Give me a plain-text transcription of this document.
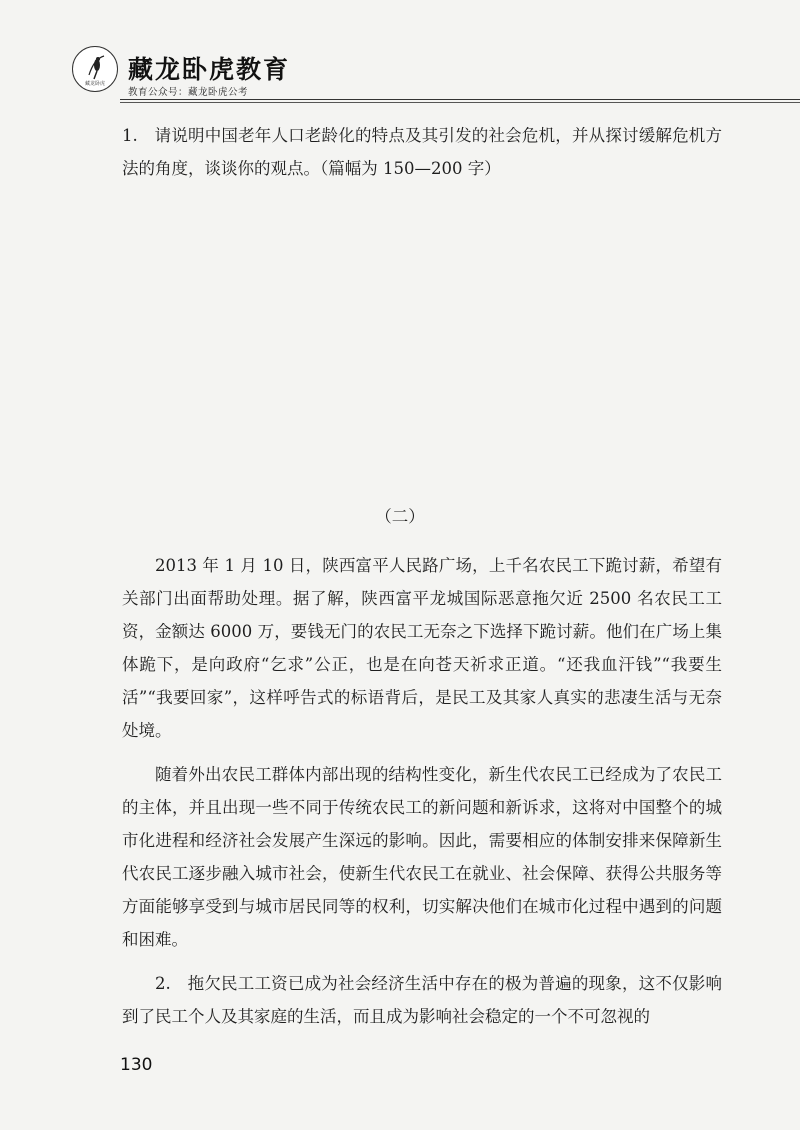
藏龙卧虎 藏龙卧虎教育
教育公众号：藏龙卧虎公考

1.　请说明中国老年人口老龄化的特点及其引发的社会危机，并从探讨缓解危机方法的角度，谈谈你的观点。（篇幅为 150—200 字）

（二）

2013 年 1 月 10 日，陕西富平人民路广场，上千名农民工下跪讨薪，希望有关部门出面帮助处理。据了解，陕西富平龙城国际恶意拖欠近 2500 名农民工工资，金额达 6000 万，要钱无门的农民工无奈之下选择下跪讨薪。他们在广场上集体跪下，是向政府“乞求”公正，也是在向苍天祈求正道。“还我血汗钱”“我要生活”“我要回家”，这样呼告式的标语背后，是民工及其家人真实的悲凄生活与无奈处境。

随着外出农民工群体内部出现的结构性变化，新生代农民工已经成为了农民工的主体，并且出现一些不同于传统农民工的新问题和新诉求，这将对中国整个的城市化进程和经济社会发展产生深远的影响。因此，需要相应的体制安排来保障新生代农民工逐步融入城市社会，使新生代农民工在就业、社会保障、获得公共服务等方面能够享受到与城市居民同等的权利，切实解决他们在城市化过程中遇到的问题和困难。

2.　拖欠民工工资已成为社会经济生活中存在的极为普遍的现象，这不仅影响到了民工个人及其家庭的生活，而且成为影响社会稳定的一个不可忽视的

130
